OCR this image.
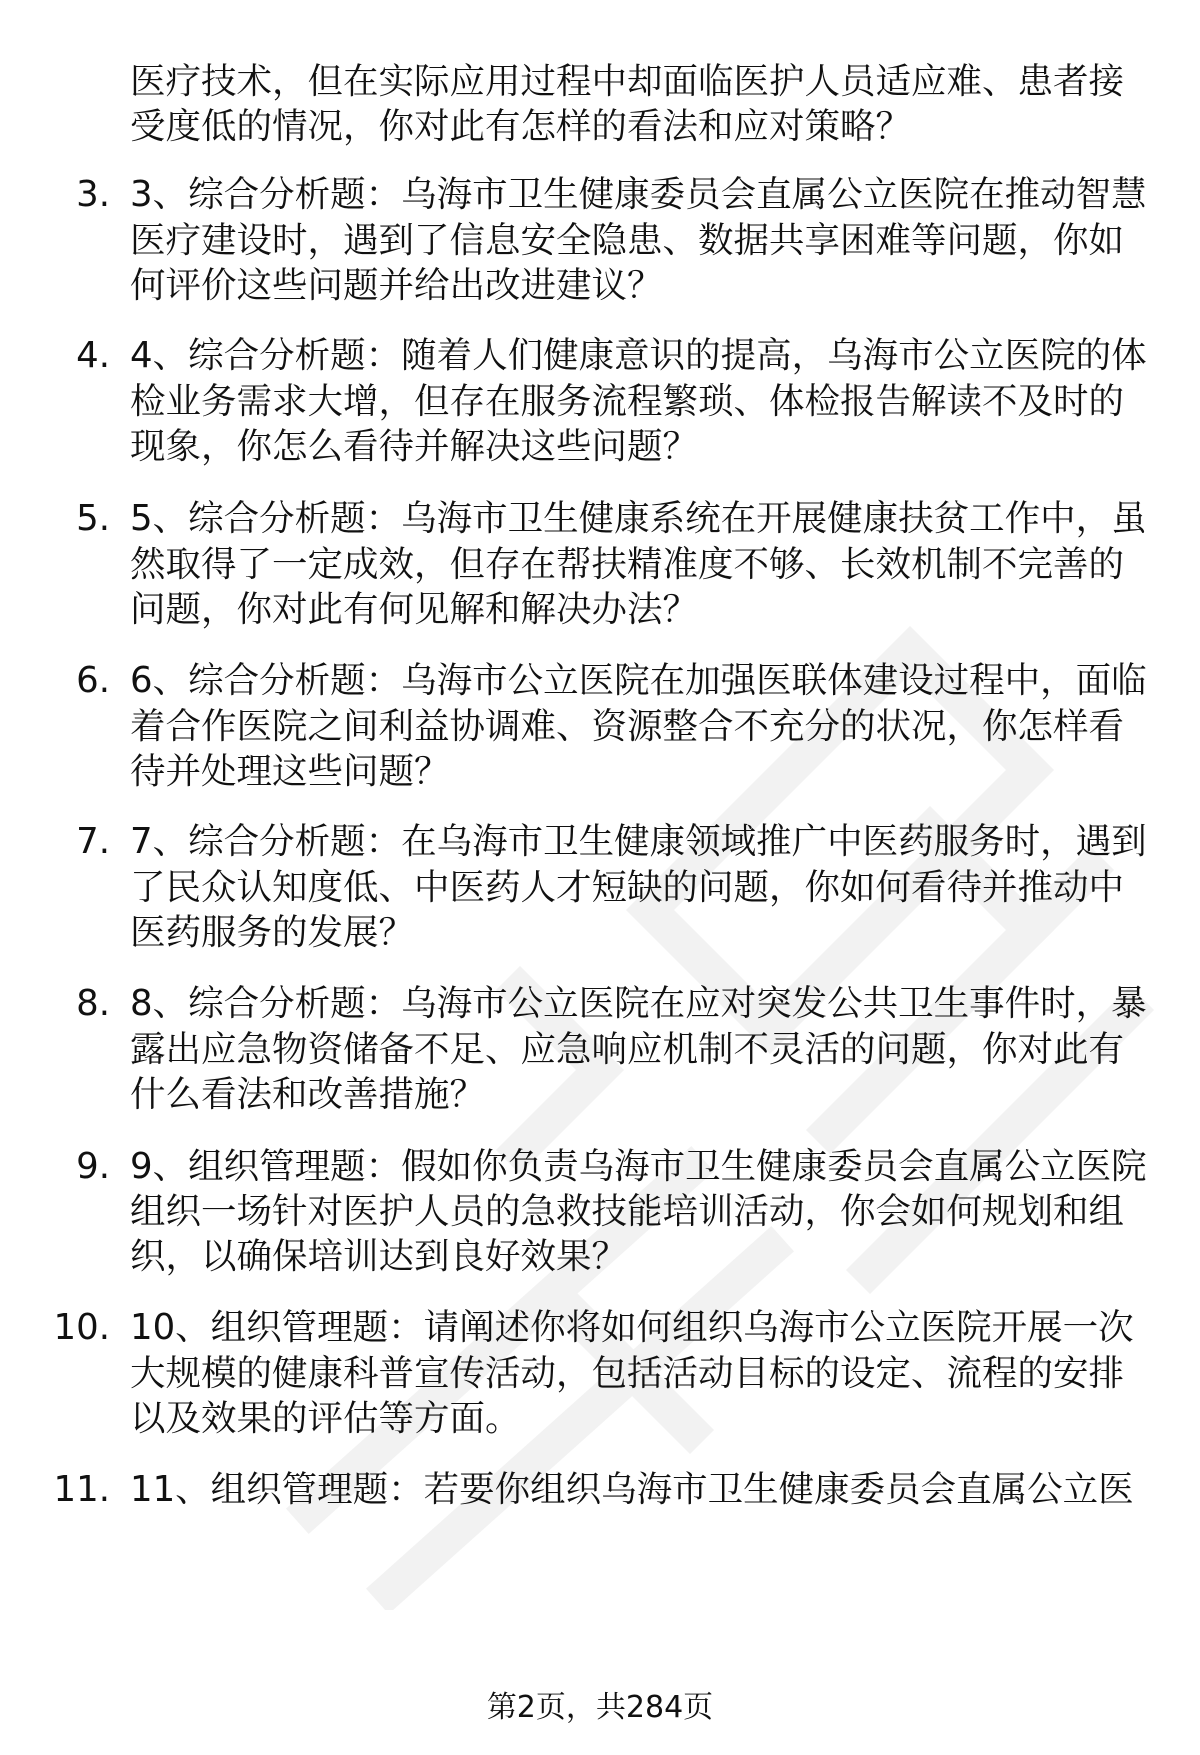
医疗技术，但在实际应用过程中却面临医护人员适应难、患者接
受度低的情况，你对此有怎样的看法和应对策略？
3. 3、综合分析题：乌海市卫生健康委员会直属公立医院在推动智慧
医疗建设时，遇到了信息安全隐患、数据共享困难等问题，你如
何评价这些问题并给出改进建议？
4. 4、综合分析题：随着人们健康意识的提高，乌海市公立医院的体
检业务需求大增，但存在服务流程繁琐、体检报告解读不及时的
现象，你怎么看待并解决这些问题？
5. 5、综合分析题：乌海市卫生健康系统在开展健康扶贫工作中，虽
然取得了一定成效，但存在帮扶精准度不够、长效机制不完善的
问题，你对此有何见解和解决办法？
6. 6、综合分析题：乌海市公立医院在加强医联体建设过程中，面临
着合作医院之间利益协调难、资源整合不充分的状况，你怎样看
待并处理这些问题？
7. 7、综合分析题：在乌海市卫生健康领域推广中医药服务时，遇到
了民众认知度低、中医药人才短缺的问题，你如何看待并推动中
医药服务的发展？
8. 8、综合分析题：乌海市公立医院在应对突发公共卫生事件时，暴
露出应急物资储备不足、应急响应机制不灵活的问题，你对此有
什么看法和改善措施？
9. 9、组织管理题：假如你负责乌海市卫生健康委员会直属公立医院
组织一场针对医护人员的急救技能培训活动，你会如何规划和组
织，以确保培训达到良好效果？
10. 10、组织管理题：请阐述你将如何组织乌海市公立医院开展一次
大规模的健康科普宣传活动，包括活动目标的设定、流程的安排
以及效果的评估等方面。
11. 11、组织管理题：若要你组织乌海市卫生健康委员会直属公立医
第2页，共284页
